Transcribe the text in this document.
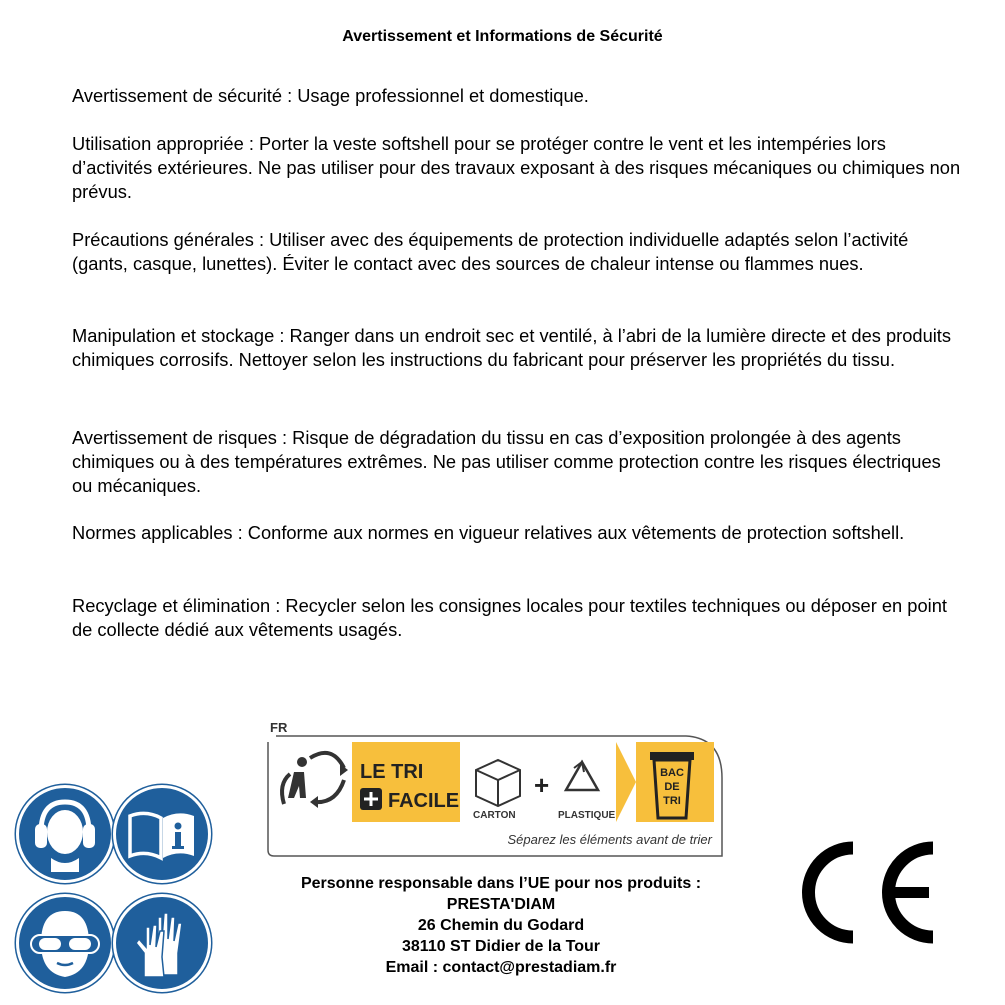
Avertissement et Informations de Sécurité

Avertissement de sécurité : Usage professionnel et domestique.

Utilisation appropriée : Porter la veste softshell pour se protéger contre le vent et les intempéries lors d’activités extérieures. Ne pas utiliser pour des travaux exposant à des risques mécaniques ou chimiques non prévus.

Précautions générales : Utiliser avec des équipements de protection individuelle adaptés selon l’activité (gants, casque, lunettes). Éviter le contact avec des sources de chaleur intense ou flammes nues.

Manipulation et stockage : Ranger dans un endroit sec et ventilé, à l’abri de la lumière directe et des produits chimiques corrosifs. Nettoyer selon les instructions du fabricant pour préserver les propriétés du tissu.

Avertissement de risques : Risque de dégradation du tissu en cas d’exposition prolongée à des agents chimiques ou à des températures extrêmes. Ne pas utiliser comme protection contre les risques électriques ou mécaniques.

Normes applicables : Conforme aux normes en vigueur relatives aux vêtements de protection softshell.

Recyclage et élimination : Recycler selon les consignes locales pour textiles techniques ou déposer en point de collecte dédié aux vêtements usagés.

FR
LE TRI
FACILE
CARTON
+
PLASTIQUE
BAC
DE
TRI
Séparez les éléments avant de trier
Personne responsable dans l’UE pour nos produits :
PRESTA'DIAM
26 Chemin du Godard
38110 ST Didier de la Tour
Email : contact@prestadiam.fr
